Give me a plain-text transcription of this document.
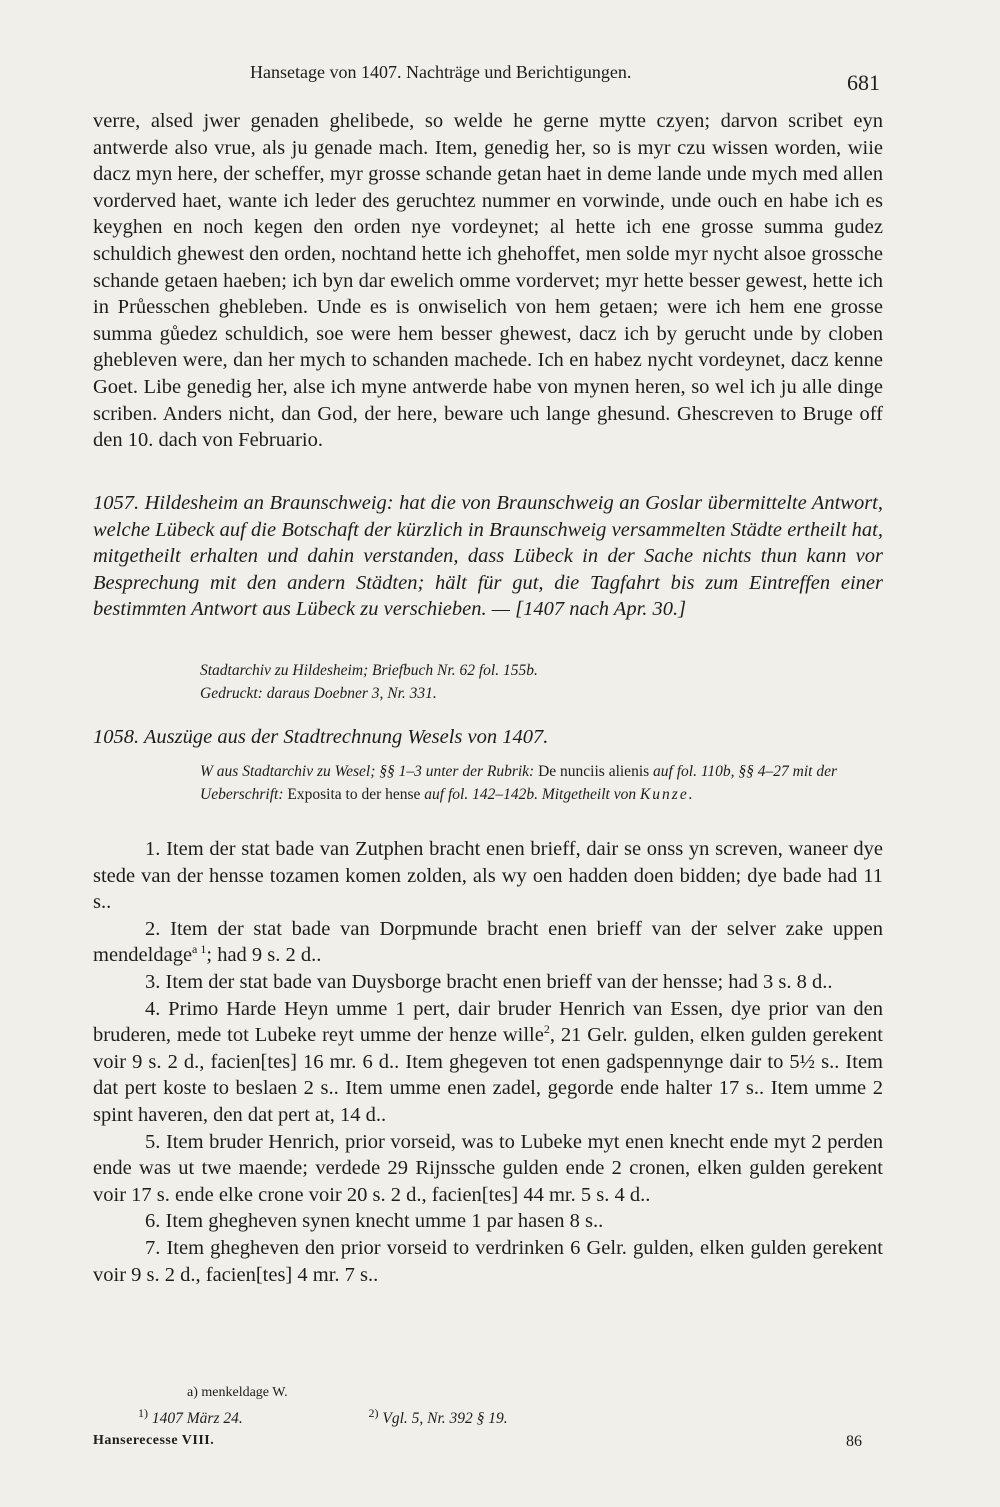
Hansetage von 1407. Nachträge und Berichtigungen.	681
verre, alsed jwer genaden ghelibede, so welde he gerne mytte czyen; darvon scribet eyn antwerde also vrue, als ju genade mach. Item, genedig her, so is myr czu wissen worden, wiie dacz myn here, der scheffer, myr grosse schande getan haet in deme lande unde mych med allen vorderved haet, wante ich leder des geruchtez nummer en vorwinde, unde ouch en habe ich es keyghen en noch kegen den orden nye vordeynet; al hette ich ene grosse summa gudez schuldich ghewest den orden, nochtand hette ich ghehoffet, men solde myr nycht alsoe grossche schande getaen haeben; ich byn dar ewelich omme vordervet; myr hette besser gewest, hette ich in Průesschen ghebleben. Unde es is onwiselich von hem getaen; were ich hem ene grosse summa gůedez schuldich, soe were hem besser ghewest, dacz ich by gerucht unde by cloben ghebleven were, dan her mych to schanden machede. Ich en habez nycht vordeynet, dacz kenne Goet. Libe genedig her, alse ich myne antwerde habe von mynen heren, so wel ich ju alle dinge scriben. Anders nicht, dan God, der here, beware uch lange ghesund. Ghescreven to Bruge off den 10. dach von Februario.
1057. Hildesheim an Braunschweig: hat die von Braunschweig an Goslar übermittelte Antwort, welche Lübeck auf die Botschaft der kürzlich in Braunschweig versammelten Städte ertheilt hat, mitgetheilt erhalten und dahin verstanden, dass Lübeck in der Sache nichts thun kann vor Besprechung mit den andern Städten; hält für gut, die Tagfahrt bis zum Eintreffen einer bestimmten Antwort aus Lübeck zu verschieben. — [1407 nach Apr. 30.]
Stadtarchiv zu Hildesheim; Briefbuch Nr. 62 fol. 155b.
Gedruckt: daraus Doebner 3, Nr. 331.
1058. Auszüge aus der Stadtrechnung Wesels von 1407.
W aus Stadtarchiv zu Wesel; §§ 1–3 unter der Rubrik: De nunciis alienis auf fol. 110b, §§ 4–27 mit der Ueberschrift: Exposita to der hense auf fol. 142–142b. Mitgetheilt von Kunze.

1. Item der stat bade van Zutphen bracht enen brieff, dair se onss yn screven, waneer dye stede van der hensse tozamen komen zolden, als wy oen hadden doen bidden; dye bade had 11 s..

2. Item der stat bade van Dorpmunde bracht enen brieff van der selver zake uppen mendeldage$^{a 1}$; had 9 s. 2 d..

3. Item der stat bade van Duysborge bracht enen brieff van der hensse; had 3 s. 8 d..

4. Primo Harde Heyn umme 1 pert, dair bruder Henrich van Essen, dye prior van den bruderen, mede tot Lubeke reyt umme der henze wille$^2$, 21 Gelr. gulden, elken gulden gerekent voir 9 s. 2 d., facien[tes] 16 mr. 6 d.. Item ghegeven tot enen gadspennynge dair to 5½ s.. Item dat pert koste to beslaen 2 s.. Item umme enen zadel, gegorde ende halter 17 s.. Item umme 2 spint haveren, den dat pert at, 14 d..

5. Item bruder Henrich, prior vorseid, was to Lubeke myt enen knecht ende myt 2 perden ende was ut twe maende; verdede 29 Rijnssche gulden ende 2 cronen, elken gulden gerekent voir 17 s. ende elke crone voir 20 s. 2 d., facien[tes] 44 mr. 5 s. 4 d..

6. Item ghegheven synen knecht umme 1 par hasen 8 s..

7. Item ghegheven den prior vorseid to verdrinken 6 Gelr. gulden, elken gulden gerekent voir 9 s. 2 d., facien[tes] 4 mr. 7 s..

a) menkeldage W.
$^{1)}$ 1407 März 24.	$^{2)}$ Vgl. 5, Nr. 392 § 19.
Hanserecesse VIII.	86
